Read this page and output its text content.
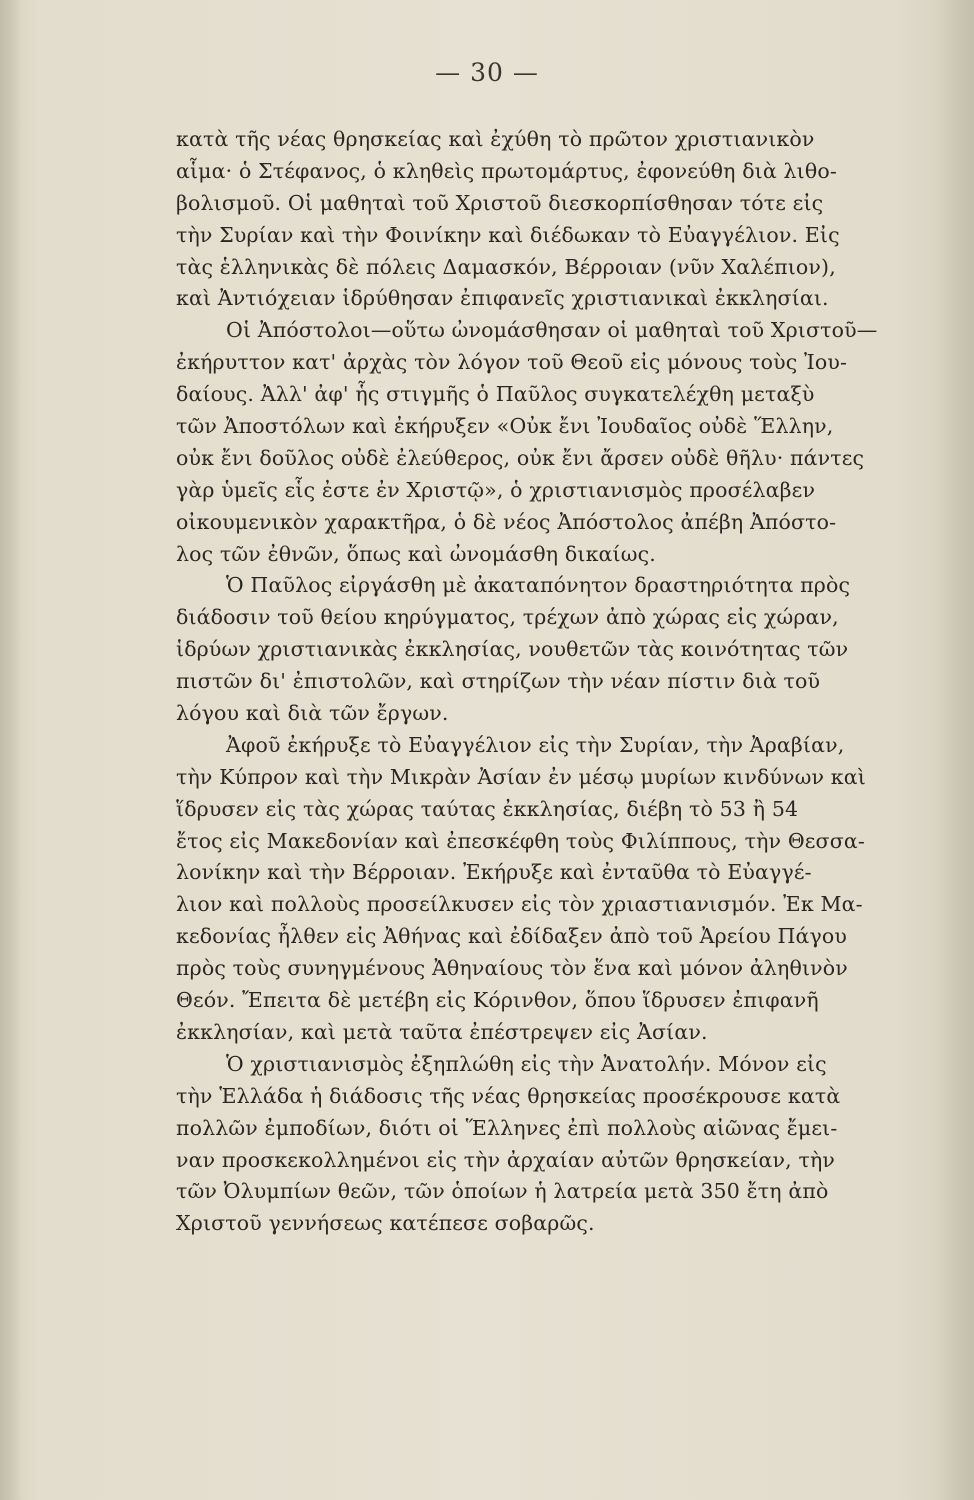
— 30 —
κατὰ τῆς νέας θρησκείας καὶ ἐχύθη τὸ πρῶτον χριστιανικὸν
αἷμα· ὁ Στέφανος, ὁ κληθεὶς πρωτομάρτυς, ἐφονεύθη διὰ λιθο-
βολισμοῦ. Οἱ μαθηταὶ τοῦ Χριστοῦ διεσκορπίσθησαν τότε εἰς
τὴν Συρίαν καὶ τὴν Φοινίκην καὶ διέδωκαν τὸ Εὐαγγέλιον. Εἰς
τὰς ἑλληνικὰς δὲ πόλεις Δαμασκόν, Βέρροιαν (νῦν Χαλέπιον),
καὶ Ἀντιόχειαν ἱδρύθησαν ἐπιφανεῖς χριστιανικαὶ ἐκκλησίαι.
Οἱ Ἀπόστολοι—οὕτω ὠνομάσθησαν οἱ μαθηταὶ τοῦ Χριστοῦ—
ἐκήρυττον κατ' ἀρχὰς τὸν λόγον τοῦ Θεοῦ εἰς μόνους τοὺς Ἰου-
δαίους. Ἀλλ' ἀφ' ἧς στιγμῆς ὁ Παῦλος συγκατελέχθη μεταξὺ
τῶν Ἀποστόλων καὶ ἐκήρυξεν «Οὐκ ἔνι Ἰουδαῖος οὐδὲ Ἕλλην,
οὐκ ἔνι δοῦλος οὐδὲ ἐλεύθερος, οὐκ ἔνι ἄρσεν οὐδὲ θῆλυ· πάντες
γὰρ ὑμεῖς εἷς ἐστε ἐν Χριστῷ», ὁ χριστιανισμὸς προσέλαβεν
οἰκουμενικὸν χαρακτῆρα, ὁ δὲ νέος Ἀπόστολος ἀπέβη Ἀπόστο-
λος τῶν ἐθνῶν, ὅπως καὶ ὠνομάσθη δικαίως.
Ὁ Παῦλος εἰργάσθη μὲ ἀκαταπόνητον δραστηριότητα πρὸς
διάδοσιν τοῦ θείου κηρύγματος, τρέχων ἀπὸ χώρας εἰς χώραν,
ἱδρύων χριστιανικὰς ἐκκλησίας, νουθετῶν τὰς κοινότητας τῶν
πιστῶν δι' ἐπιστολῶν, καὶ στηρίζων τὴν νέαν πίστιν διὰ τοῦ
λόγου καὶ διὰ τῶν ἔργων.
Ἀφοῦ ἐκήρυξε τὸ Εὐαγγέλιον εἰς τὴν Συρίαν, τὴν Ἀραβίαν,
τὴν Κύπρον καὶ τὴν Μικρὰν Ἀσίαν ἐν μέσῳ μυρίων κινδύνων καὶ
ἵδρυσεν εἰς τὰς χώρας ταύτας ἐκκλησίας, διέβη τὸ 53 ἢ 54
ἔτος εἰς Μακεδονίαν καὶ ἐπεσκέφθη τοὺς Φιλίππους, τὴν Θεσσα-
λονίκην καὶ τὴν Βέρροιαν. Ἐκήρυξε καὶ ἐνταῦθα τὸ Εὐαγγέ-
λιον καὶ πολλοὺς προσείλκυσεν εἰς τὸν χριαστιανισμόν. Ἐκ Μα-
κεδονίας ἦλθεν εἰς Ἀθήνας καὶ ἐδίδαξεν ἀπὸ τοῦ Ἀρείου Πάγου
πρὸς τοὺς συνηγμένους Ἀθηναίους τὸν ἕνα καὶ μόνον ἀληθινὸν
Θεόν. Ἔπειτα δὲ μετέβη εἰς Κόρινθον, ὅπου ἵδρυσεν ἐπιφανῆ
ἐκκλησίαν, καὶ μετὰ ταῦτα ἐπέστρεψεν εἰς Ἀσίαν.
Ὁ χριστιανισμὸς ἐξηπλώθη εἰς τὴν Ἀνατολήν. Μόνον εἰς
τὴν Ἑλλάδα ἡ διάδοσις τῆς νέας θρησκείας προσέκρουσε κατὰ
πολλῶν ἐμποδίων, διότι οἱ Ἕλληνες ἐπὶ πολλοὺς αἰῶνας ἔμει-
ναν προσκεκολλημένοι εἰς τὴν ἀρχαίαν αὐτῶν θρησκείαν, τὴν
τῶν Ὀλυμπίων θεῶν, τῶν ὁποίων ἡ λατρεία μετὰ 350 ἔτη ἀπὸ
Χριστοῦ γεννήσεως κατέπεσε σοβαρῶς.
